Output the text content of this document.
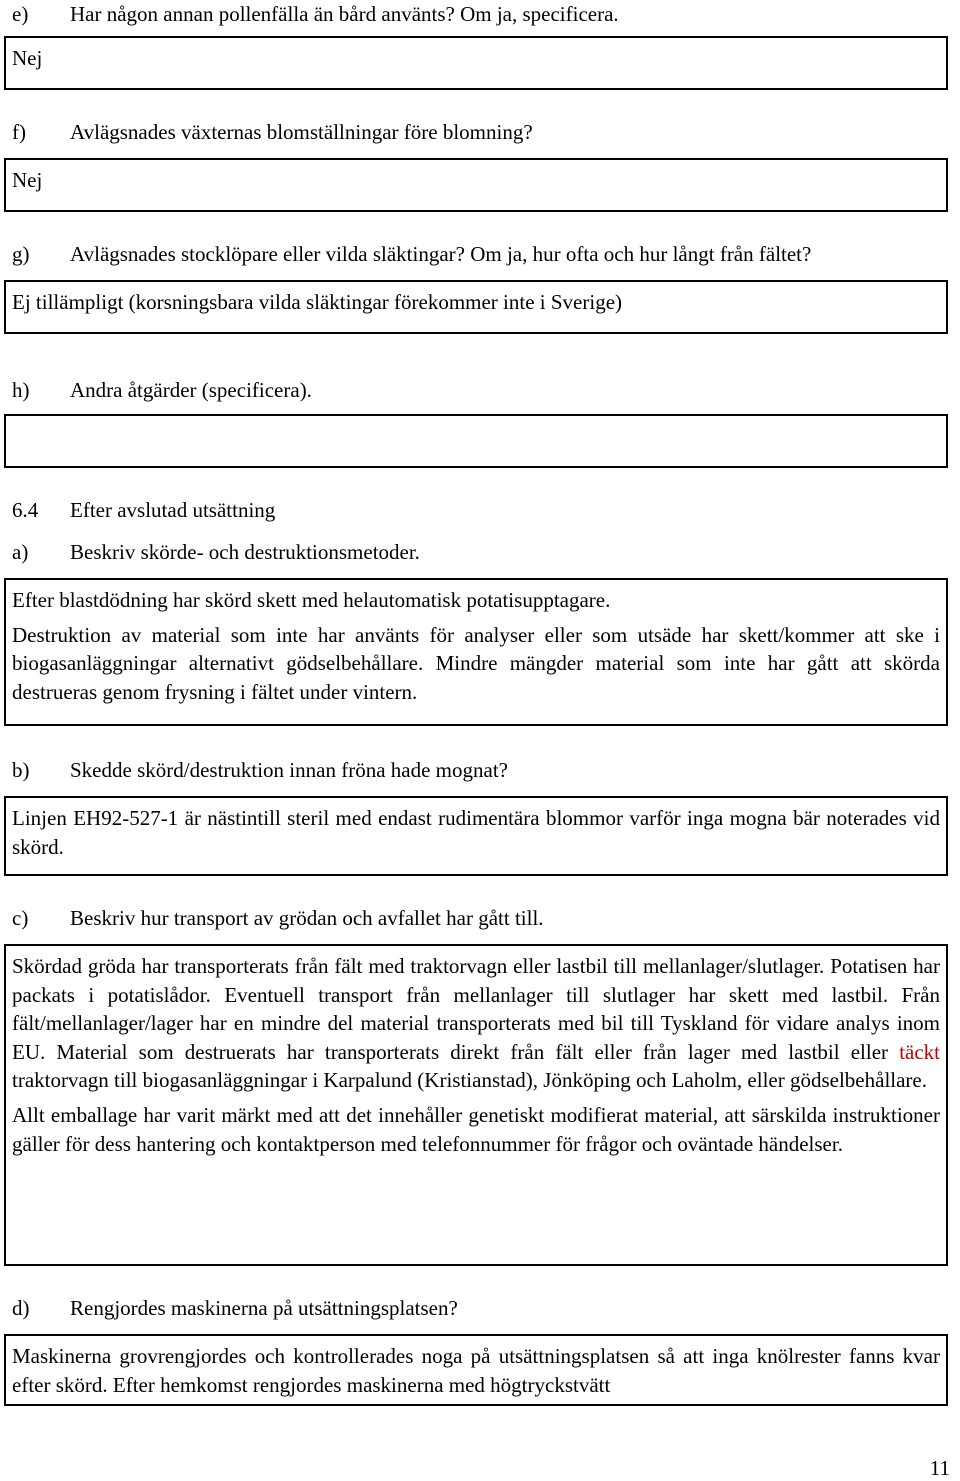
e) Har någon annan pollenfälla än bård använts? Om ja, specificera.

Nej

f) Avlägsnades växternas blomställningar före blomning?

Nej

g) Avlägsnades stocklöpare eller vilda släktingar? Om ja, hur ofta och hur långt från fältet?

Ej tillämpligt (korsningsbara vilda släktingar förekommer inte i Sverige)

h) Andra åtgärder (specificera).

6.4 Efter avslutad utsättning
a) Beskriv skörde- och destruktionsmetoder.

Efter blastdödning har skörd skett med helautomatisk potatisupptagare.

Destruktion av material som inte har använts för analyser eller som utsäde har skett/kommer att ske i biogasanläggningar alternativt gödselbehållare. Mindre mängder material som inte har gått att skörda destrueras genom frysning i fältet under vintern.

b) Skedde skörd/destruktion innan fröna hade mognat?

Linjen EH92-527-1 är nästintill steril med endast rudimentära blommor varför inga mogna bär noterades vid skörd.

c) Beskriv hur transport av grödan och avfallet har gått till.

Skördad gröda har transporterats från fält med traktorvagn eller lastbil till mellanlager/slutlager. Potatisen har packats i potatislådor. Eventuell transport från mellanlager till slutlager har skett med lastbil. Från fält/mellanlager/lager har en mindre del material transporterats med bil till Tyskland för vidare analys inom EU. Material som destruerats har transporterats direkt från fält eller från lager med lastbil eller täckt traktorvagn till biogasanläggningar i Karpalund (Kristianstad), Jönköping och Laholm, eller gödselbehållare.

Allt emballage har varit märkt med att det innehåller genetiskt modifierat material, att särskilda instruktioner gäller för dess hantering och kontaktperson med telefonnummer för frågor och oväntade händelser.

d) Rengjordes maskinerna på utsättningsplatsen?

Maskinerna grovrengjordes och kontrollerades noga på utsättningsplatsen så att inga knölrester fanns kvar efter skörd. Efter hemkomst rengjordes maskinerna med högtryckstvätt

11
